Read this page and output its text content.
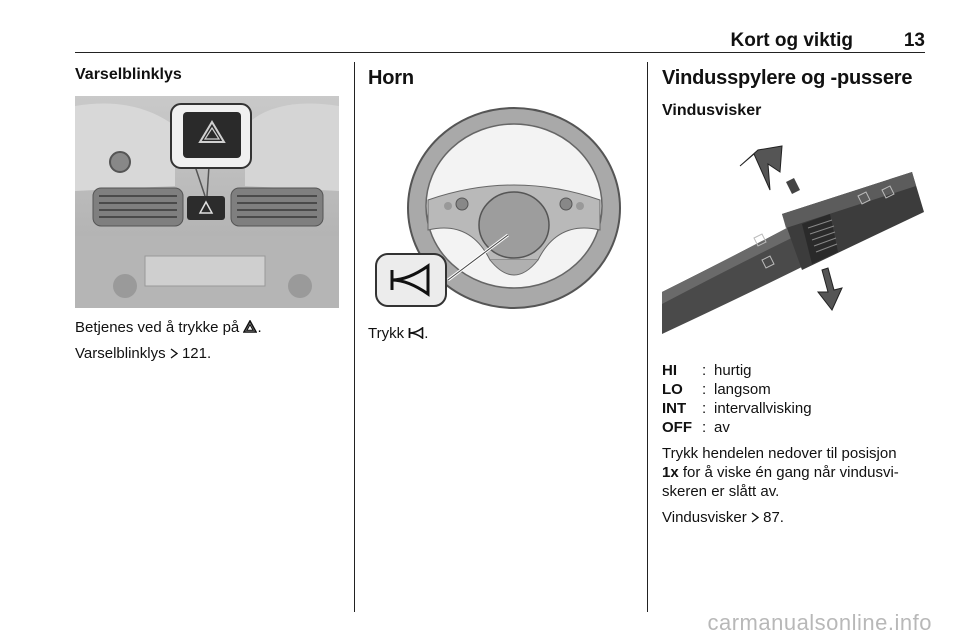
Kort og viktig	13
Varselblinklys
Betjenes ved å trykke på .
Varselblinklys  121.
Horn
Trykk .
Vindusspylere og -pussere
Vindusvisker
HI	: hurtig
LO	: langsom
INT	: intervallvisking
OFF : av
Trykk hendelen nedover til posisjon
1x for å viske én gang når vindusvi-
skeren er slått av.
Vindusvisker  87.
carmanualsonline.info
